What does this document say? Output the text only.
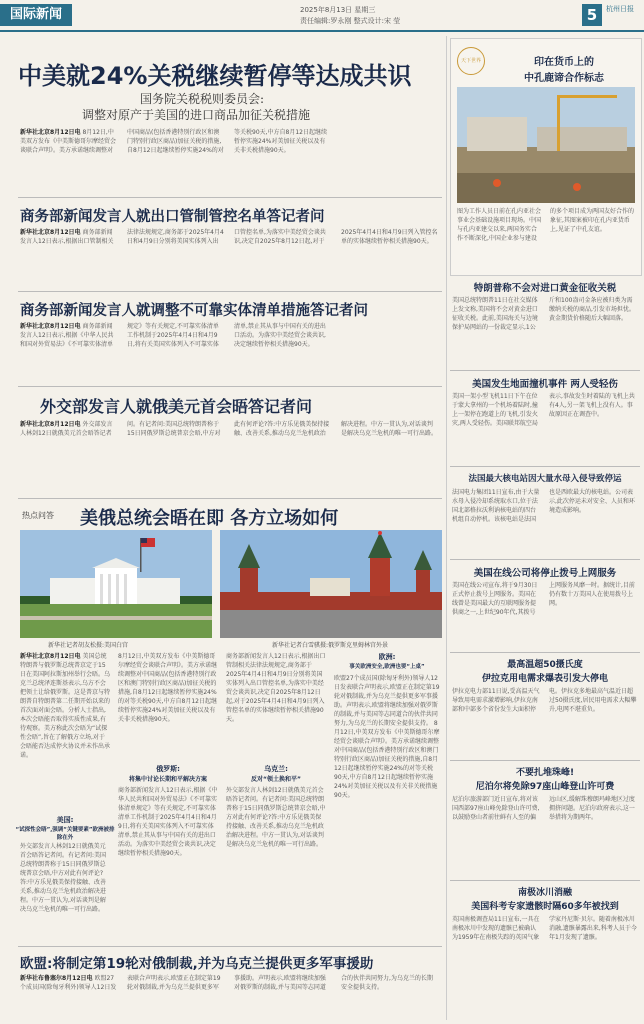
国际新闻	2025年8月13日 星期三
责任编辑:罗永刚 整式设计:宋 莹	5	杭州日报
中美就24%关税继续暂停等达成共识
国务院关税税则委员会:
调整对原产于美国的进口商品加征关税措施
新华社北京8月12日电 8月12日,中美双方发布《中美斯德哥尔摩经贸会谈联合声明》。美方承诺继续调整对中国商品(包括香港特别行政区和澳门特别行政区商品)加征关税的措施,自8月12日起继续暂停实施24%的对等关税90天,中方自8月12日起继续暂停实施24%对美加征关税以及有关非关税措施90天。
商务部新闻发言人就出口管制管控名单答记者问
新华社北京8月12日电 商务部新闻发言人12日表示,根据出口管制相关法律法规规定,商务部于2025年4月4日和4月9日分别将美国实体列入出口管控名单,为落实中美经贸会谈共识,决定自2025年8月12日起,对于2025年4月4日和4月9日列入管控名单的实体继续暂停相关措施90天。
商务部新闻发言人就调整不可靠实体清单措施答记者问
新华社北京8月12日电 商务部新闻发言人12日表示,根据《中华人民共和国对外贸易法》《不可靠实体清单规定》等有关规定,不可靠实体清单工作机制于2025年4月4日和4月9日,将有关美国实体列入不可靠实体清单,禁止其从事与中国有关的进出口活动。为落实中美经贸会谈共识,决定继续暂停相关措施90天。
外交部发言人就俄美元首会晤答记者问
新华社北京8月12日电 外交部发言人林剑12日就俄美元首会晤答记者问。有记者问:美国总统特朗普称于15日同俄罗斯总统普京会晤,中方对此有何评论?答:中方乐见俄美保持接触、改善关系,推动乌克兰危机政治解决进程。中方一贯认为,对话谈判是解决乌克兰危机的唯一可行出路。
热点问答 美俄总统会晤在即 各方立场如何
新华社记者胡友松摄:美国白宫	新华社记者白雪骐摄:俄罗斯克里姆林宫外景
新华社北京8月12日电 美国总统特朗普与俄罗斯总统普京定于15日在美国阿拉斯加州举行会晤。乌克兰总统泽连斯基表示,乌方不会把领土让给俄罗斯。这是普京与特朗普自特朗普第二任期开始以来的首次面对面会晤。分析人士指出,本次会晤能否取得实质性成果,有待观察。美方称此次会晤为“试探性会晤”,旨在了解俄方立场,对于会晤能否达成停火协议并未作出承诺。
美国:
“试探性会晤”,强调“关键要素”欧洲被排除在外
外交部发言人林剑12日就俄美元首会晤答记者问。有记者问:美国总统特朗普称于15日同俄罗斯总统普京会晤,中方对此有何评论?答:中方乐见俄美保持接触、改善关系,推动乌克兰危机政治解决进程。中方一贯认为,对话谈判是解决乌克兰危机的唯一可行出路。
8月12日,中美双方发布《中美斯德哥尔摩经贸会谈联合声明》。美方承诺继续调整对中国商品(包括香港特别行政区和澳门特别行政区商品)加征关税的措施,自8月12日起继续暂停实施24%的对等关税90天,中方自8月12日起继续暂停实施24%对美加征关税以及有关非关税措施90天。
俄罗斯:
将集中讨论长期和平解决方案
商务部新闻发言人12日表示,根据《中华人民共和国对外贸易法》《不可靠实体清单规定》等有关规定,不可靠实体清单工作机制于2025年4月4日和4月9日,将有关美国实体列入不可靠实体清单,禁止其从事与中国有关的进出口活动。为落实中美经贸会谈共识,决定继续暂停相关措施90天。
商务部新闻发言人12日表示,根据出口管制相关法律法规规定,商务部于2025年4月4日和4月9日分别将美国实体列入出口管控名单,为落实中美经贸会谈共识,决定自2025年8月12日起,对于2025年4月4日和4月9日列入管控名单的实体继续暂停相关措施90天。
乌克兰:
反对“领土换和平”
外交部发言人林剑12日就俄美元首会晤答记者问。有记者问:美国总统特朗普称于15日同俄罗斯总统普京会晤,中方对此有何评论?答:中方乐见俄美保持接触、改善关系,推动乌克兰危机政治解决进程。中方一贯认为,对话谈判是解决乌克兰危机的唯一可行出路。
欧洲:
事关欧洲安全,欧洲也要“上桌”
欧盟27个成员国(除匈牙利外)领导人12日发表联合声明表示,欧盟正在制定第19轮对俄制裁,并为乌克兰提供更多军事援助。声明表示,欧盟将继续加强对俄罗斯的制裁,并与美国等志同道合的伙伴共同努力,为乌克兰的长期安全提供支持。 8月12日,中美双方发布《中美斯德哥尔摩经贸会谈联合声明》。美方承诺继续调整对中国商品(包括香港特别行政区和澳门特别行政区商品)加征关税的措施,自8月12日起继续暂停实施24%的对等关税90天,中方自8月12日起继续暂停实施24%对美加征关税以及有关非关税措施90天。
欧盟:将制定第19轮对俄制裁,并为乌克兰提供更多军事援助
新华社布鲁塞尔8月12日电 欧盟27个成员国(除匈牙利外)领导人12日发表联合声明表示,欧盟正在制定第19轮对俄制裁,并为乌克兰提供更多军事援助。声明表示,欧盟将继续加强对俄罗斯的制裁,并与美国等志同道合的伙伴共同努力,为乌克兰的长期安全提供支持。
天下世界	印在货币上的
中孔鹿谛合作标志
图为工作人员日前在孔内亚社会事业会基础设施项目现场。中国与孔内亚建交以来,两国务实合作不断深化,中国企业参与建设的多个项目成为两国友好合作的象征,其图案被印在孔内亚货币上,见证了中孔友谊。
特朗普称不会对进口黄金征收关税
美国总统特朗普11日在社交媒体上发文称,美国将不会对黄金进口征收关税。此前,美国海关与边境保护局网站的一份裁定显示,1公斤和100盎司金条应被归类为需缴纳关税的商品,引发市场担忧。黄金期货价格随后大幅回落。
美国发生地面撞机事件 两人受轻伤
美国一架小型飞机11日下午在位于蒙大拿州的一个机场着陆时,撞上一架停在跑道上的飞机,引发火灾,两人受轻伤。美国联邦航空局表示,事故发生时着陆的飞机上共有4人,另一架飞机上没有人。事故原因正在调查中。
法国最大核电站因大量水母入侵导致停运
法国电力集团11日宣布,由于大量水母入侵冷却系统取水口,位于法国北部格拉沃利讷核电站的四台机组自动停机。该核电站是法国也是西欧最大的核电站。公司表示,此次停运未对安全、人员和环境造成影响。
美国在线公司将停止拨号上网服务
美国在线公司宣布,将于9月30日正式停止拨号上网服务。美国在线曾是美国最大的互联网服务提供商之一,上世纪90年代,其拨号上网服务风靡一时。据统计,目前仍有数十万美国人在使用拨号上网。
最高温超50摄氏度
伊拉克用电需求爆表引发大停电
伊拉克电力部11日说,受高温天气导致用电需求激增影响,伊拉克南部和中部多个省份发生大面积停电。伊拉克多地最高气温近日超过50摄氏度,居民用电需求大幅攀升,电网不堪重负。
不要扎堆珠峰!
尼泊尔将免除97座山峰登山许可费
尼泊尔旅游部门近日宣布,将对该国西部97座山峰免除登山许可费,以鼓励登山者前往鲜有人至的偏远山区,缓解珠穆朗玛峰地区过度拥挤问题。尼泊尔政府表示,这一举措将为期两年。
南极冰川消融
美国科考专家遗骸时隔60多年被找到
英国南极调查局11日宣布,一具在南极冰川中发现的遗骸已被确认为1959年在南极失踪的英国气象学家丹尼斯·贝尔。随着南极冰川消融,遗骸暴露出来,科考人员于今年1月发现了遗骸。
